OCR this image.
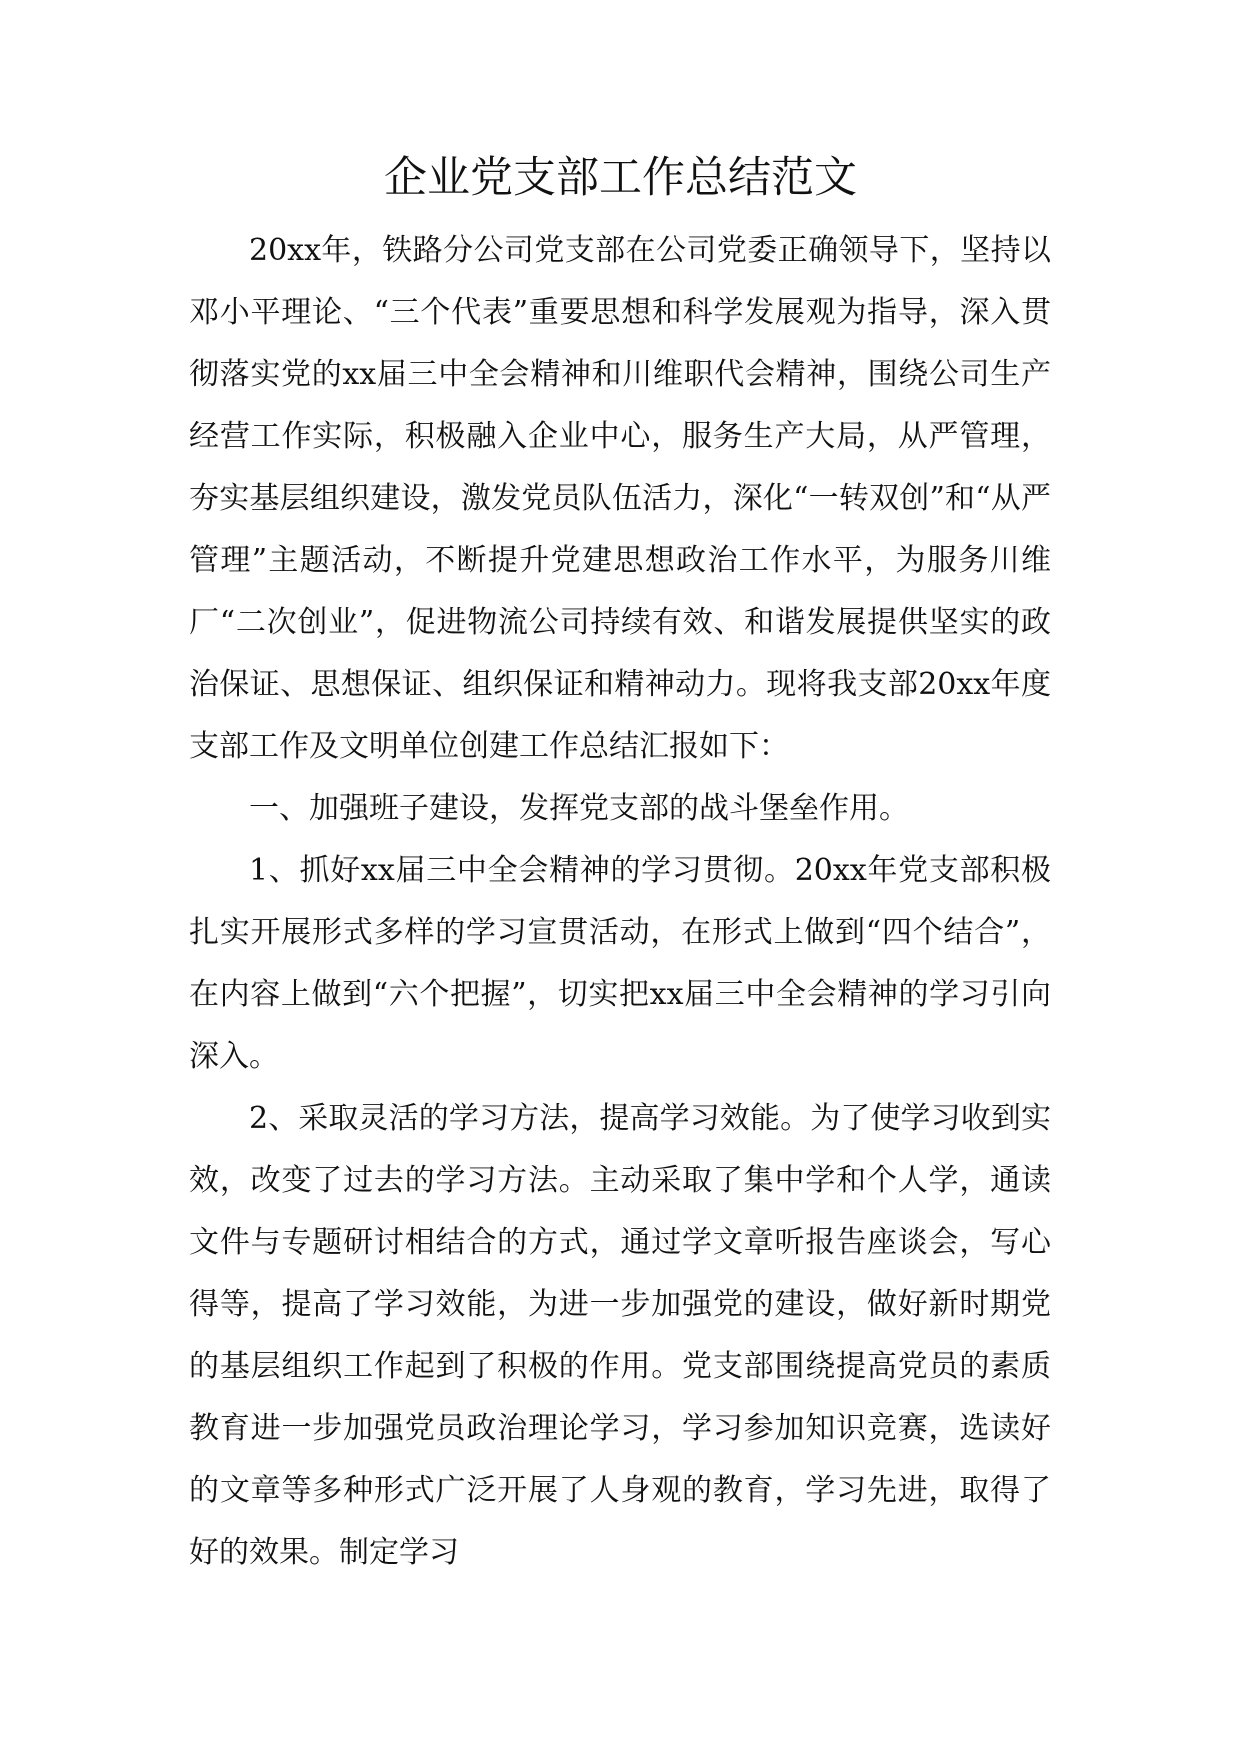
企业党支部工作总结范文

20xx年，铁路分公司党支部在公司党委正确领导下，坚持以邓小平理论、“三个代表”重要思想和科学发展观为指导，深入贯彻落实党的xx届三中全会精神和川维职代会精神，围绕公司生产经营工作实际，积极融入企业中心，服务生产大局，从严管理，夯实基层组织建设，激发党员队伍活力，深化“一转双创”和“从严管理”主题活动，不断提升党建思想政治工作水平，为服务川维厂“二次创业”，促进物流公司持续有效、和谐发展提供坚实的政治保证、思想保证、组织保证和精神动力。现将我支部20xx年度支部工作及文明单位创建工作总结汇报如下：

一、加强班子建设，发挥党支部的战斗堡垒作用。

1、抓好xx届三中全会精神的学习贯彻。20xx年党支部积极扎实开展形式多样的学习宣贯活动，在形式上做到“四个结合”，在内容上做到“六个把握”，切实把xx届三中全会精神的学习引向深入。

2、采取灵活的学习方法，提高学习效能。为了使学习收到实效，改变了过去的学习方法。主动采取了集中学和个人学，通读文件与专题研讨相结合的方式，通过学文章听报告座谈会，写心得等，提高了学习效能，为进一步加强党的建设，做好新时期党的基层组织工作起到了积极的作用。党支部围绕提高党员的素质教育进一步加强党员政治理论学习，学习参加知识竞赛，选读好的文章等多种形式广泛开展了人身观的教育，学习先进，取得了好的效果。制定学习
